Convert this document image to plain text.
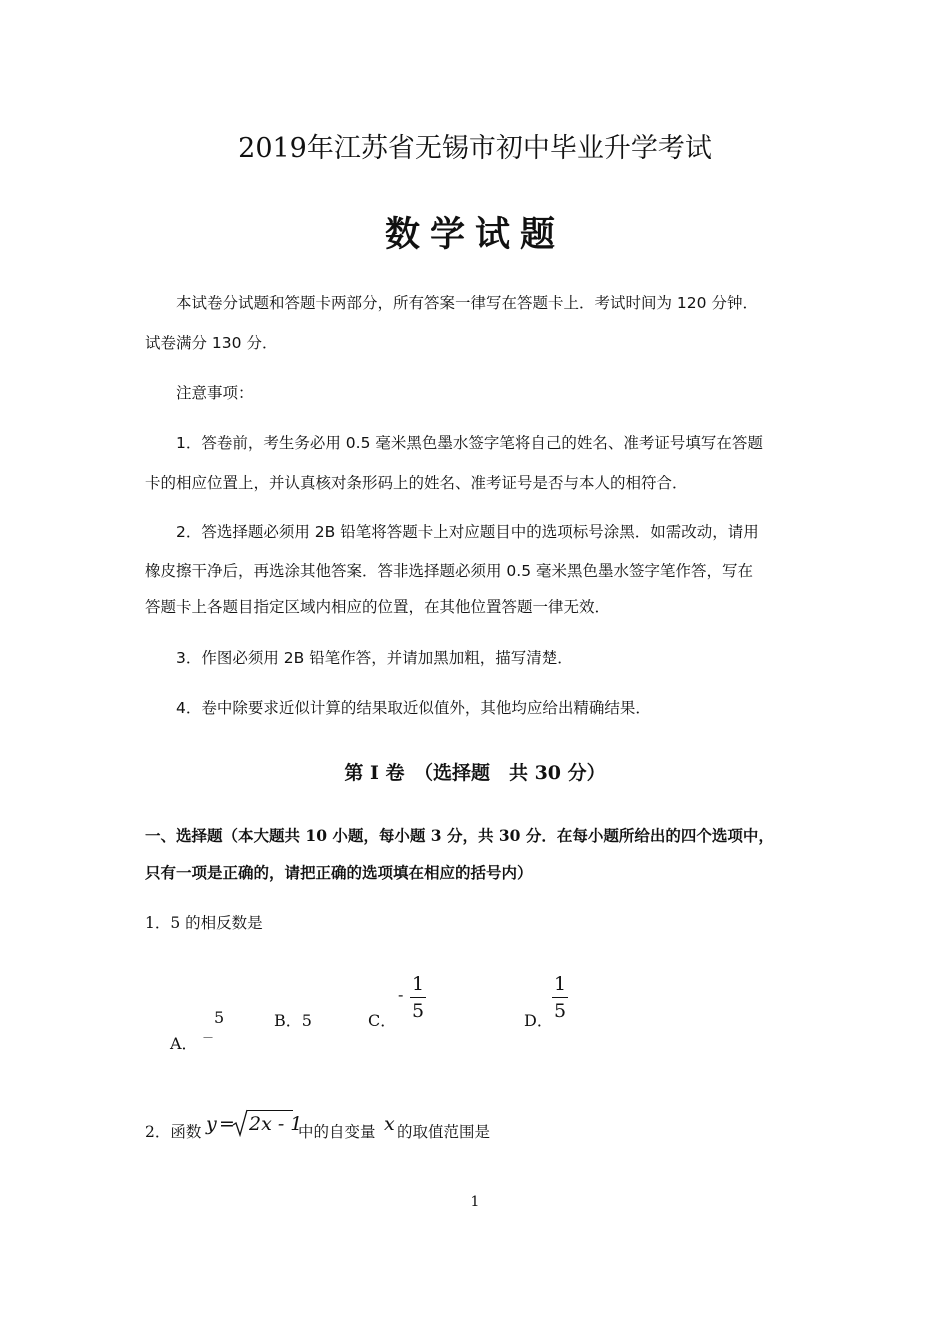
2019年江苏省无锡市初中毕业升学考试
数学试题
本试卷分试题和答题卡两部分，所有答案一律写在答题卡上．考试时间为 120 分钟．
试卷满分 130 分．
注意事项：
1．答卷前，考生务必用 0.5 毫米黑色墨水签字笔将自己的姓名、准考证号填写在答题
卡的相应位置上，并认真核对条形码上的姓名、准考证号是否与本人的相符合．
2．答选择题必须用 2B 铅笔将答题卡上对应题目中的选项标号涂黑．如需改动，请用
橡皮擦干净后，再选涂其他答案．答非选择题必须用 0.5 毫米黑色墨水签字笔作答，写在
答题卡上各题目指定区域内相应的位置，在其他位置答题一律无效．
3．作图必须用 2B 铅笔作答，并请加黑加粗，描写清楚．
4．卷中除要求近似计算的结果取近似值外，其他均应给出精确结果．
第 I 卷　（选择题　共 30 分）
一、选择题（本大题共 10 小题，每小题 3 分，共 30 分．在每小题所给出的四个选项中，
只有一项是正确的，请把正确的选项填在相应的括号内）
1．5 的相反数是
5
A． －
B．5	C．
- 1
5	D．
1
5
2．函数 y = 2x - 1
中的自变量 x 的取值范围是
1
